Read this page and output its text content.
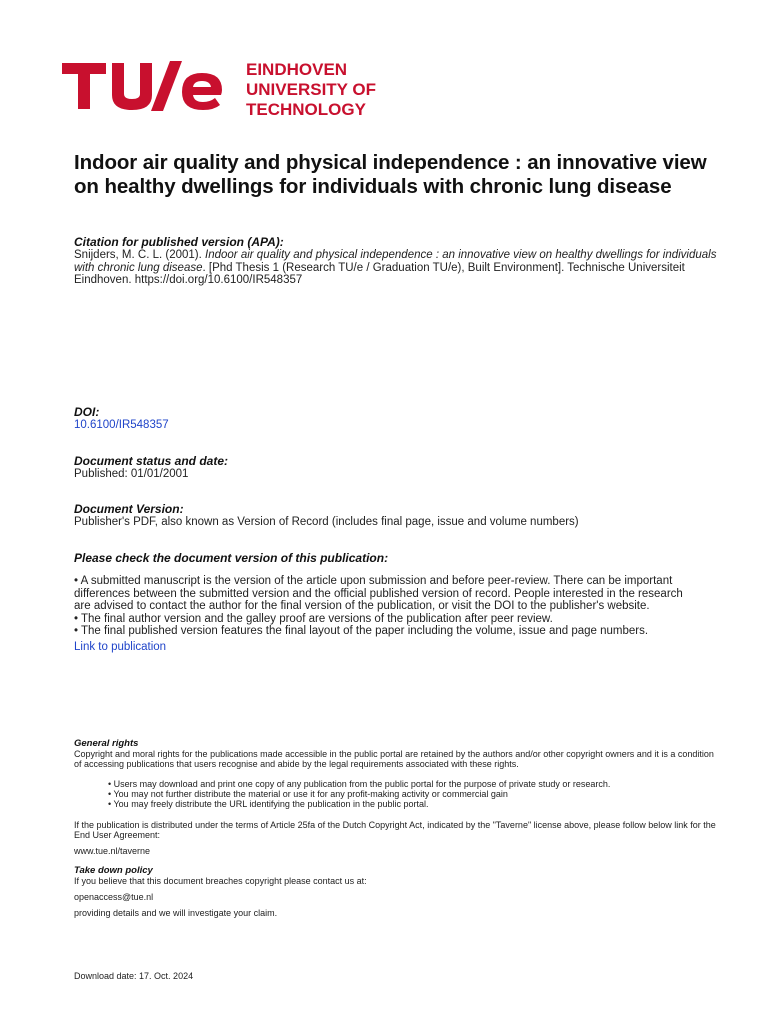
EINDHOVEN
UNIVERSITY OF
TECHNOLOGY
Indoor air quality and physical independence : an innovative view on healthy dwellings for individuals with chronic lung disease
Citation for published version (APA):
Snijders, M. C. L. (2001). Indoor air quality and physical independence : an innovative view on healthy dwellings for individuals with chronic lung disease. [Phd Thesis 1 (Research TU/e / Graduation TU/e), Built Environment]. Technische Universiteit Eindhoven. https://doi.org/10.6100/IR548357
DOI:
10.6100/IR548357
Document status and date:
Published: 01/01/2001
Document Version:
Publisher's PDF, also known as Version of Record (includes final page, issue and volume numbers)
Please check the document version of this publication:

• A submitted manuscript is the version of the article upon submission and before peer-review. There can be important differences between the submitted version and the official published version of record. People interested in the research are advised to contact the author for the final version of the publication, or visit the DOI to the publisher's website.

• The final author version and the galley proof are versions of the publication after peer review.

• The final published version features the final layout of the paper including the volume, issue and page numbers.

Link to publication
General rights

Copyright and moral rights for the publications made accessible in the public portal are retained by the authors and/or other copyright owners and it is a condition of accessing publications that users recognise and abide by the legal requirements associated with these rights.

• Users may download and print one copy of any publication from the public portal for the purpose of private study or research.
• You may not further distribute the material or use it for any profit-making activity or commercial gain
• You may freely distribute the URL identifying the publication in the public portal.

If the publication is distributed under the terms of Article 25fa of the Dutch Copyright Act, indicated by the "Taverne" license above, please follow below link for the End User Agreement:

www.tue.nl/taverne
Take down policy
If you believe that this document breaches copyright please contact us at:
openaccess@tue.nl
providing details and we will investigate your claim.
Download date: 17. Oct. 2024
